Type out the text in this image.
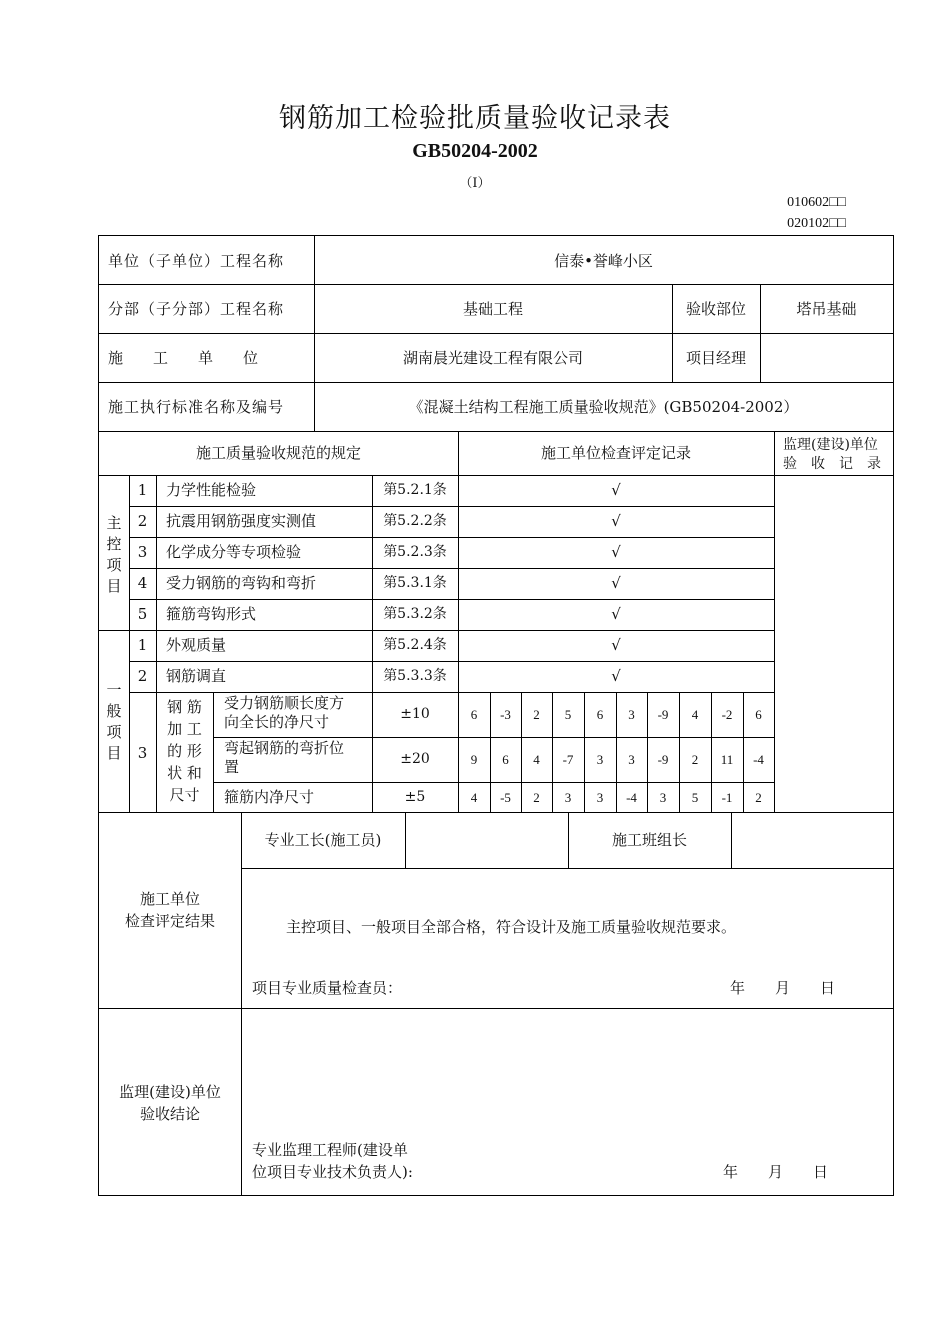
钢筋加工检验批质量验收记录表
GB50204-2002
（I）
010602□□
020102□□
单位（子单位）工程名称	信泰•誉峰小区
分部（子分部）工程名称	基础工程	验收部位	塔吊基础
施　　工　　单　　位	湖南晨光建设工程有限公司	项目经理
施工执行标准名称及编号	《混凝土结构工程施工质量验收规范》(GB50204-2002）
施工质量验收规范的规定	施工单位检查评定记录	监理(建设)单位
验　收　记　录
主控项目
1	力学性能检验	第5.2.1条	√
2	抗震用钢筋强度实测值	第5.2.2条	√
3	化学成分等专项检验	第5.2.3条	√
4	受力钢筋的弯钩和弯折	第5.3.1条	√
5	箍筋弯钩形式	第5.3.2条	√
一般项目
1	外观质量	第5.2.4条	√
2	钢筋调直	第5.3.3条	√
3
钢 筋
加 工
的 形
状 和
尺寸
受力钢筋顺长度方
向全长的净尺寸	±10	6	-3	2	5	6	3	-9	4	-2	6
弯起钢筋的弯折位
置	±20	9	6	4	-7	3	3	-9	2	11	-4
箍筋内净尺寸	±5	4	-5	2	3	3	-4	3	5	-1	2
施工单位
检查评定结果
专业工长(施工员)	施工班组长
主控项目、一般项目全部合格，符合设计及施工质量验收规范要求。
项目专业质量检查员：	年　　月　　日
监理(建设)单位
验收结论
专业监理工程师(建设单
位项目专业技术负责人):	年　　月　　日
